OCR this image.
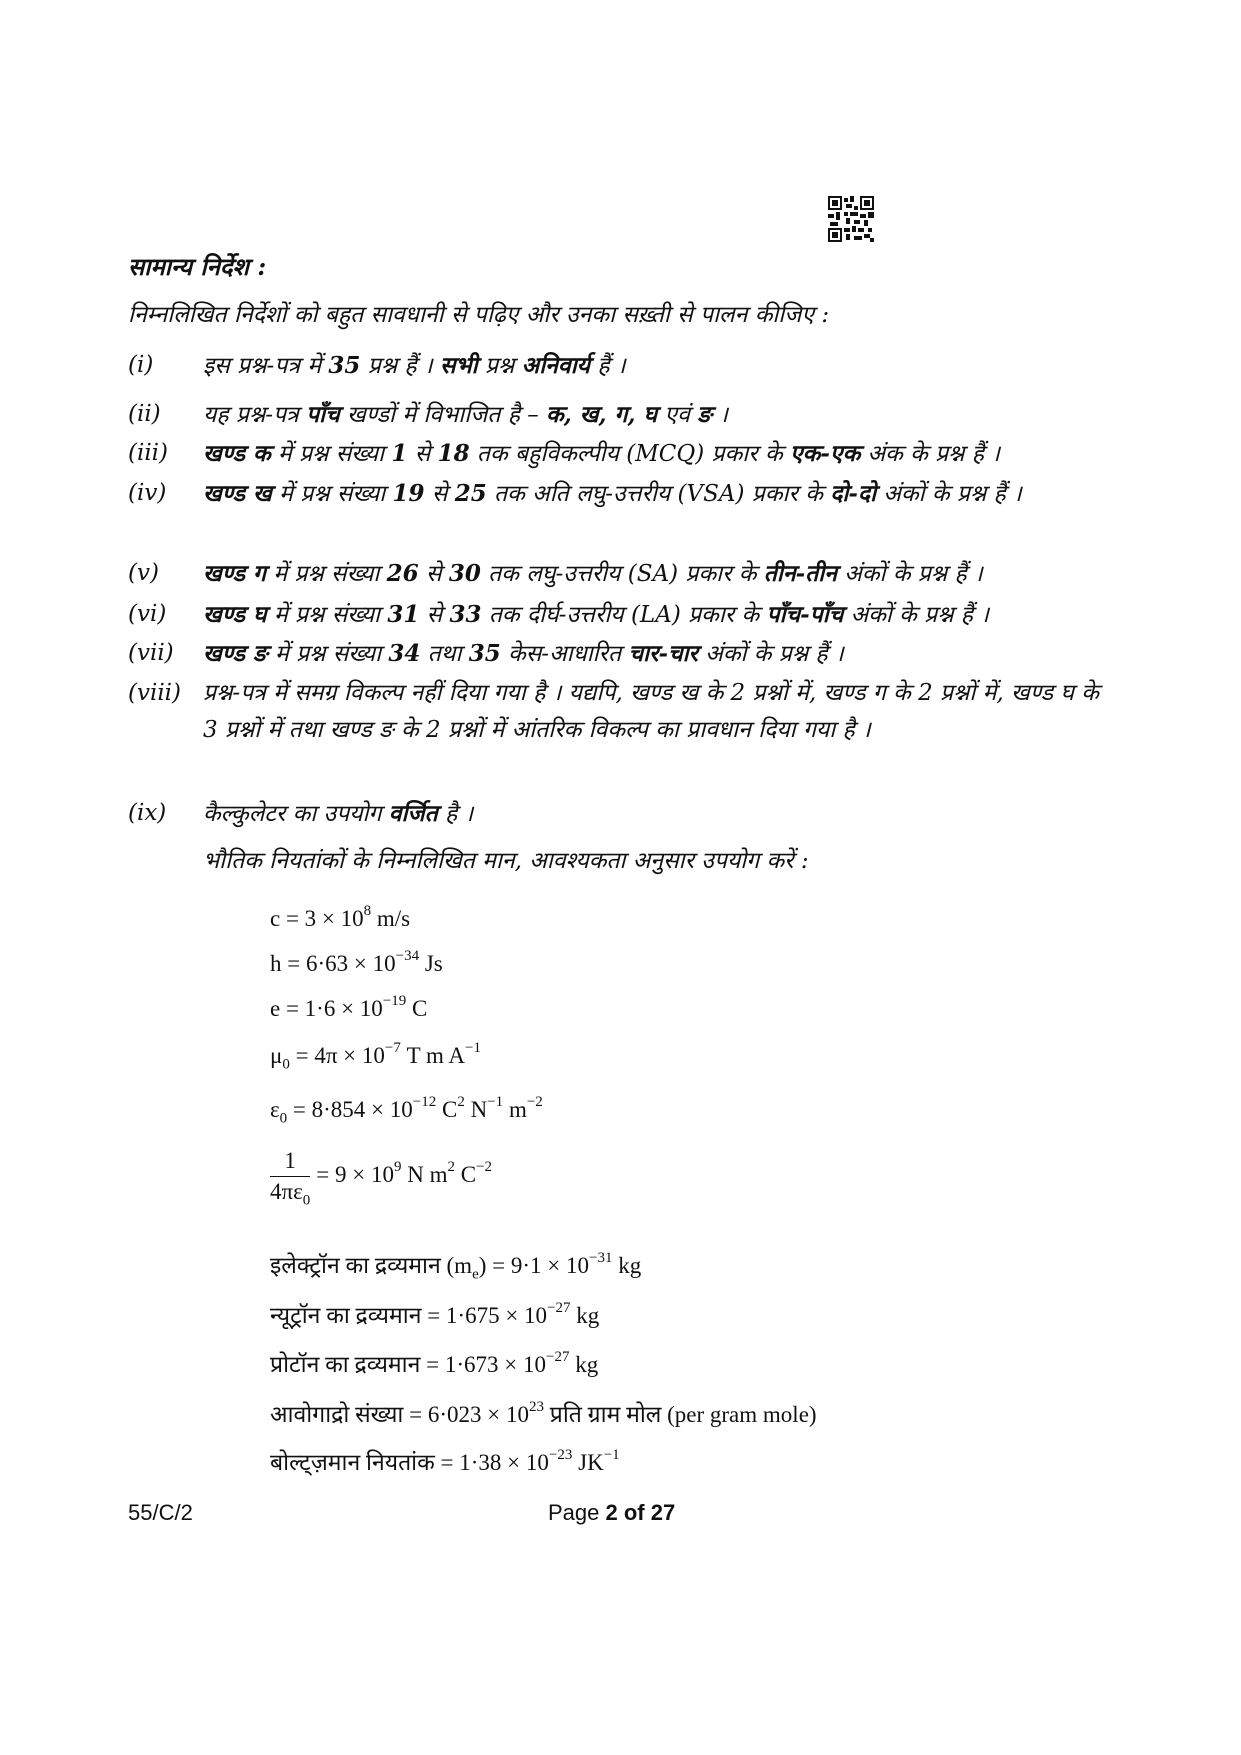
सामान्य निर्देश :
निम्नलिखित निर्देशों को बहुत सावधानी से पढ़िए और उनका सख़्ती से पालन कीजिए :
(i)	इस प्रश्न-पत्र में 35 प्रश्न हैं । सभी प्रश्न अनिवार्य हैं ।
(ii)	यह प्रश्न-पत्र पाँच खण्डों में विभाजित है – क, ख, ग, घ एवं ङ ।
(iii)	खण्ड क में प्रश्न संख्या 1 से 18 तक बहुविकल्पीय (MCQ) प्रकार के एक-एक अंक के प्रश्न हैं ।
(iv)	खण्ड ख में प्रश्न संख्या 19 से 25 तक अति लघु-उत्तरीय (VSA) प्रकार के दो-दो अंकों के प्रश्न हैं ।
(v)	खण्ड ग में प्रश्न संख्या 26 से 30 तक लघु-उत्तरीय (SA) प्रकार के तीन-तीन अंकों के प्रश्न हैं ।
(vi)	खण्ड घ में प्रश्न संख्या 31 से 33 तक दीर्घ-उत्तरीय (LA) प्रकार के पाँच-पाँच अंकों के प्रश्न हैं ।
(vii)	खण्ड ङ में प्रश्न संख्या 34 तथा 35 केस-आधारित चार-चार अंकों के प्रश्न हैं ।
(viii) प्रश्न-पत्र में समग्र विकल्प नहीं दिया गया है । यद्यपि, खण्ड ख के 2 प्रश्नों में, खण्ड ग के 2 प्रश्नों में, खण्ड घ के 3 प्रश्नों में तथा खण्ड ङ के 2 प्रश्नों में आंतरिक विकल्प का प्रावधान दिया गया है ।
(ix)	कैल्कुलेटर का उपयोग वर्जित है ।
भौतिक नियतांकों के निम्नलिखित मान, आवश्यकता अनुसार उपयोग करें :
$c = 3 \times 10^8$ m/s
$h = 6\cdot 63 \times 10^{-34}$ Js
$e = 1\cdot 6 \times 10^{-19}$ C
$\mu_0 = 4\pi \times 10^{-7}$ T m $A^{-1}$
$\varepsilon_0 = 8\cdot 854 \times 10^{-12}$ $C^2$ $N^{-1}$ $m^{-2}$
$\frac{1}{4\pi\varepsilon_0} = 9 \times 10^9$ N $m^2$ $C^{-2}$
इलेक्ट्रॉन का द्रव्यमान $(m_e) = 9\cdot 1 \times 10^{-31}$ kg
न्यूट्रॉन का द्रव्यमान = $1\cdot 675 \times 10^{-27}$ kg
प्रोटॉन का द्रव्यमान = $1\cdot 673 \times 10^{-27}$ kg
आवोगाद्रो संख्या = $6\cdot 023 \times 10^{23}$ प्रति ग्राम मोल (per gram mole)
बोल्ट्ज़मान नियतांक = $1\cdot 38 \times 10^{-23}$ $JK^{-1}$
55/C/2	Page 2 of 27
